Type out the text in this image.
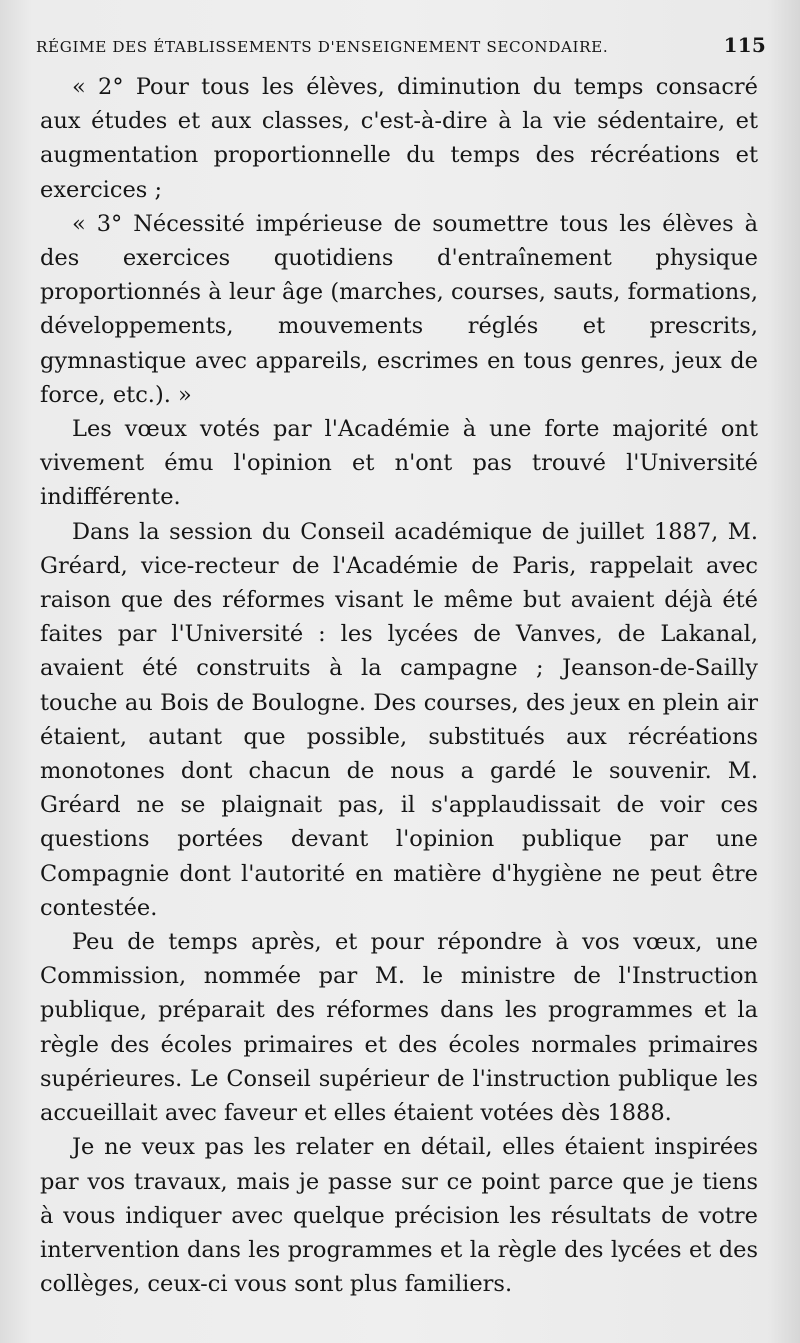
RÉGIME DES ÉTABLISSEMENTS D'ENSEIGNEMENT SECONDAIRE.	115

« 2° Pour tous les élèves, diminution du temps consacré aux études et aux classes, c'est-à-dire à la vie sédentaire, et augmentation proportionnelle du temps des récréations et exercices ;

« 3° Nécessité impérieuse de soumettre tous les élèves à des exercices quotidiens d'entraînement physique proportionnés à leur âge (marches, courses, sauts, formations, développements, mouvements réglés et prescrits, gymnastique avec appareils, escrimes en tous genres, jeux de force, etc.). »

Les vœux votés par l'Académie à une forte majorité ont vivement ému l'opinion et n'ont pas trouvé l'Université indifférente.

Dans la session du Conseil académique de juillet 1887, M. Gréard, vice-recteur de l'Académie de Paris, rappelait avec raison que des réformes visant le même but avaient déjà été faites par l'Université : les lycées de Vanves, de Lakanal, avaient été construits à la campagne ; Jeanson-de-Sailly touche au Bois de Boulogne. Des courses, des jeux en plein air étaient, autant que possible, substitués aux récréations monotones dont chacun de nous a gardé le souvenir. M. Gréard ne se plaignait pas, il s'applaudissait de voir ces questions portées devant l'opinion publique par une Compagnie dont l'autorité en matière d'hygiène ne peut être contestée.

Peu de temps après, et pour répondre à vos vœux, une Commission, nommée par M. le ministre de l'Instruction publique, préparait des réformes dans les programmes et la règle des écoles primaires et des écoles normales primaires supérieures. Le Conseil supérieur de l'instruction publique les accueillait avec faveur et elles étaient votées dès 1888.

Je ne veux pas les relater en détail, elles étaient inspirées par vos travaux, mais je passe sur ce point parce que je tiens à vous indiquer avec quelque précision les résultats de votre intervention dans les programmes et la règle des lycées et des collèges, ceux-ci vous sont plus familiers.
